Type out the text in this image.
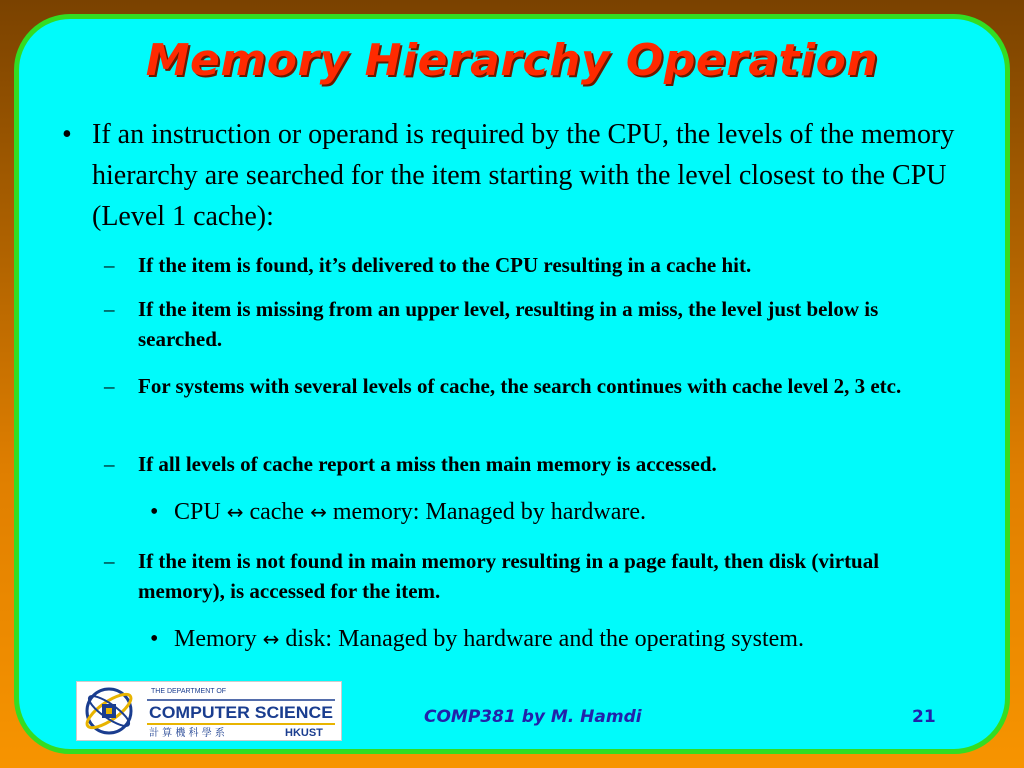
Memory Hierarchy Operation
• If an instruction or operand is required by the CPU, the levels of the memory hierarchy are searched for the item starting with the level closest to the CPU (Level 1 cache):
– If the item is found, it’s delivered to the CPU resulting in a cache hit.
– If the item is missing from an upper level, resulting in a miss, the level just below is searched.
– For systems with several levels of cache, the search continues with cache level 2, 3 etc.
– If all levels of cache report a miss then main memory is accessed.
• CPU ↔ cache ↔ memory: Managed by hardware.
– If the item is not found in main memory resulting in a page fault, then disk (virtual memory), is accessed for the item.
• Memory ↔ disk: Managed by hardware and the operating system.
THE DEPARTMENT OF
COMPUTER SCIENCE
計 算 機 科 學 系	HKUST
COMP381 by M. Hamdi	21
